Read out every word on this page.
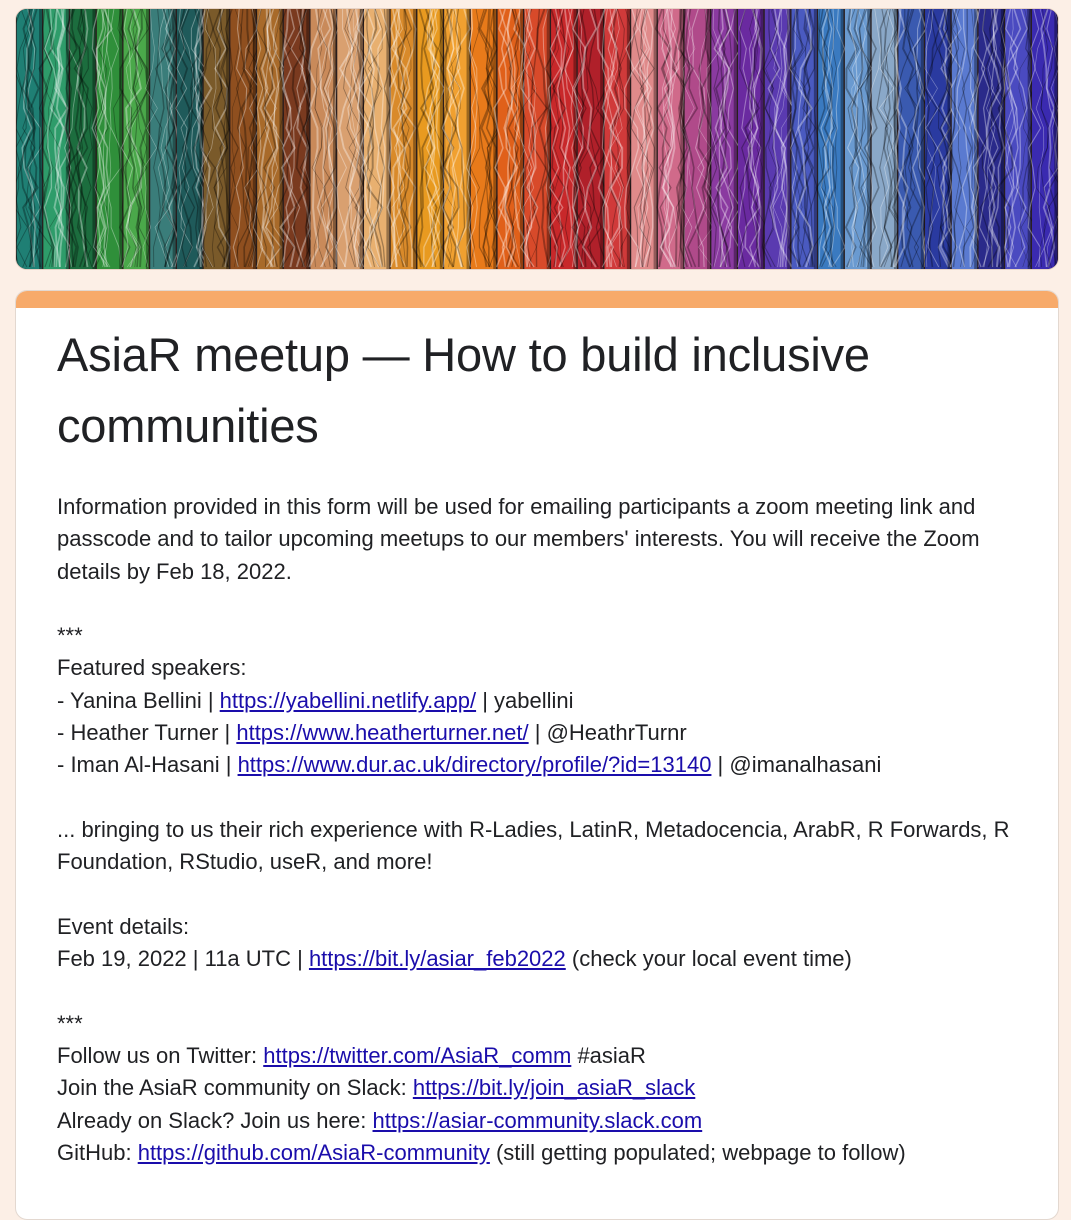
AsiaR meetup — How to build inclusive communities
Information provided in this form will be used for emailing participants a zoom meeting link and passcode and to tailor upcoming meetups to our members' interests. You will receive the Zoom details by Feb 18, 2022.
***
Featured speakers:
- Yanina Bellini | https://yabellini.netlify.app/ | yabellini
- Heather Turner | https://www.heatherturner.net/ | @HeathrTurnr
- Iman Al-Hasani | https://www.dur.ac.uk/directory/profile/?id=13140 | @imanalhasani
... bringing to us their rich experience with R-Ladies, LatinR, Metadocencia, ArabR, R Forwards, R Foundation, RStudio, useR, and more!
Event details:
Feb 19, 2022 | 11a UTC | https://bit.ly/asiar_feb2022 (check your local event time)
***
Follow us on Twitter: https://twitter.com/AsiaR_comm #asiaR
Join the AsiaR community on Slack: https://bit.ly/join_asiaR_slack
Already on Slack? Join us here: https://asiar-community.slack.com
GitHub: https://github.com/AsiaR-community (still getting populated; webpage to follow)
